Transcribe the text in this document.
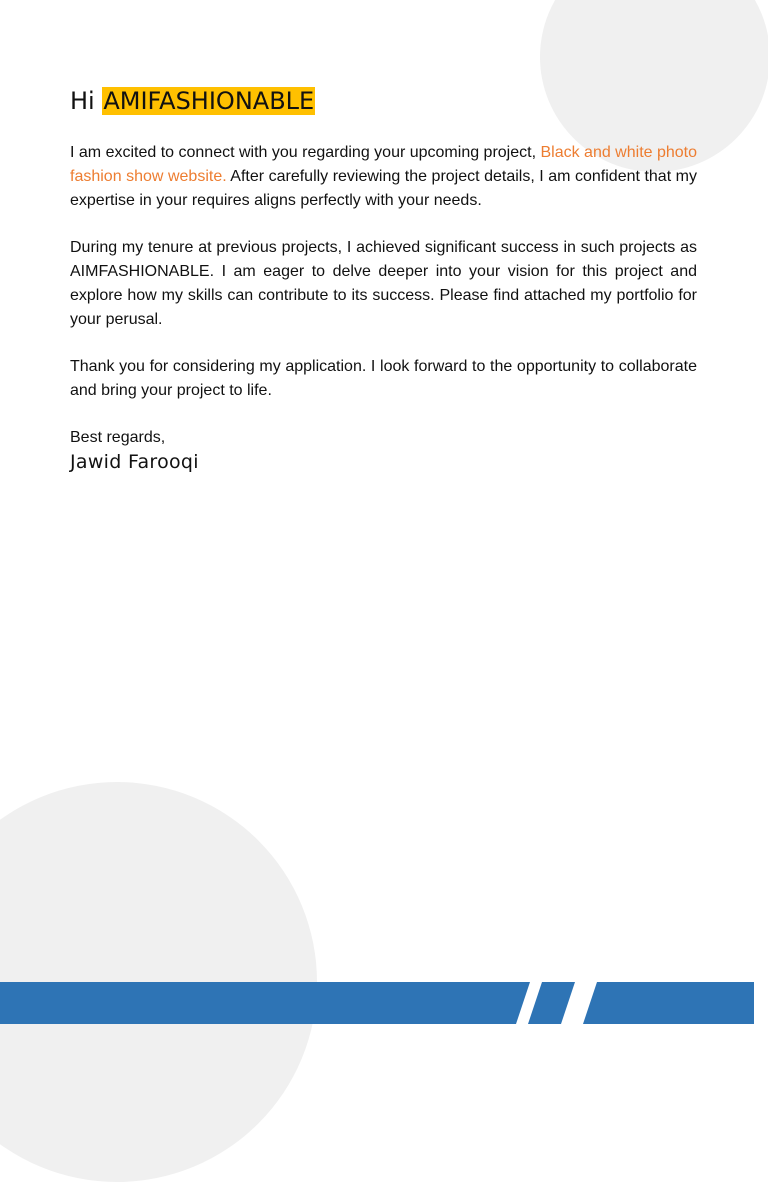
Hi AMIFASHIONABLE

I am excited to connect with you regarding your upcoming project, Black and white photo fashion show website. After carefully reviewing the project details, I am confident that my expertise in your requires aligns perfectly with your needs.

During my tenure at previous projects, I achieved significant success in such projects as AIMFASHIONABLE. I am eager to delve deeper into your vision for this project and explore how my skills can contribute to its success. Please find attached my portfolio for your perusal.

Thank you for considering my application. I look forward to the opportunity to collaborate and bring your project to life.

Best regards,

Jawid Farooqi
